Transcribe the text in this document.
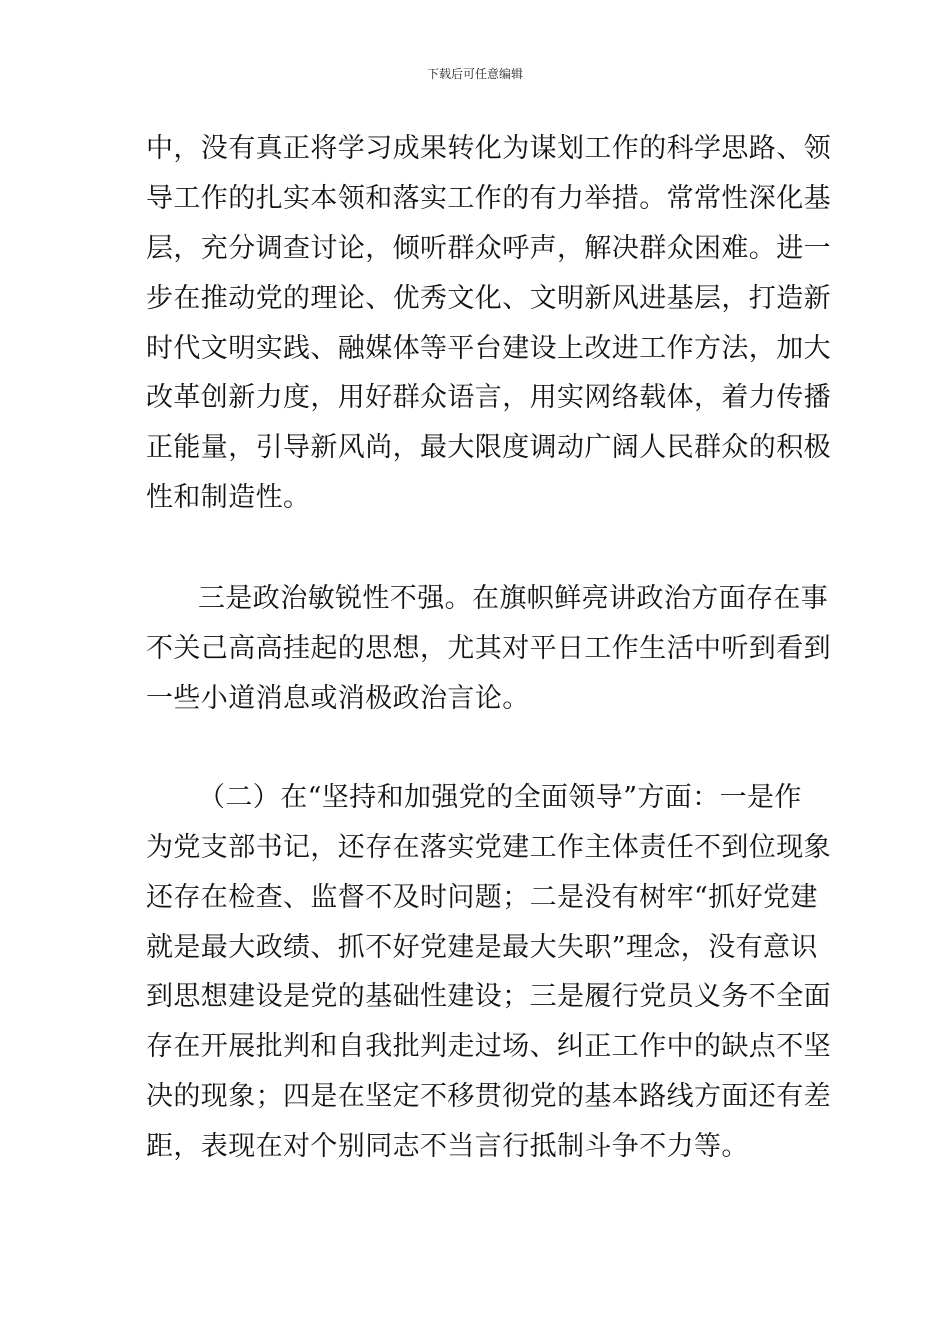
下载后可任意编辑
中，没有真正将学习成果转化为谋划工作的科学思路、领
导工作的扎实本领和落实工作的有力举措。常常性深化基
层，充分调查讨论，倾听群众呼声，解决群众困难。进一
步在推动党的理论、优秀文化、文明新风进基层，打造新
时代文明实践、融媒体等平台建设上改进工作方法，加大
改革创新力度，用好群众语言，用实网络载体，着力传播
正能量，引导新风尚，最大限度调动广阔人民群众的积极
性和制造性。
三是政治敏锐性不强。在旗帜鲜亮讲政治方面存在事
不关己高高挂起的思想，尤其对平日工作生活中听到看到
一些小道消息或消极政治言论。
（二）在“坚持和加强党的全面领导”方面：一是作
为党支部书记，还存在落实党建工作主体责任不到位现象
还存在检查、监督不及时问题；二是没有树牢“抓好党建
就是最大政绩、抓不好党建是最大失职”理念，没有意识
到思想建设是党的基础性建设；三是履行党员义务不全面
存在开展批判和自我批判走过场、纠正工作中的缺点不坚
决的现象；四是在坚定不移贯彻党的基本路线方面还有差
距，表现在对个别同志不当言行抵制斗争不力等。
